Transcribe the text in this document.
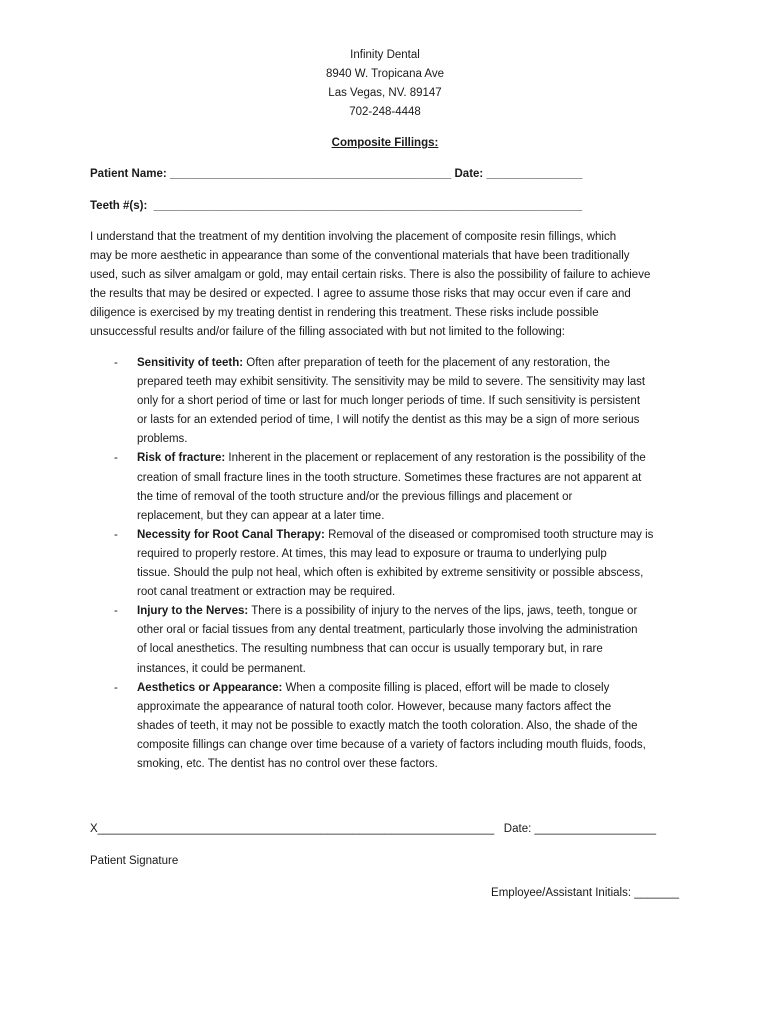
Infinity Dental
8940 W. Tropicana Ave
Las Vegas, NV. 89147
702-248-4448
Composite Fillings:
Patient Name: ____________________________________________ Date: _______________
Teeth #(s):  ___________________________________________________________________
I understand that the treatment of my dentition involving the placement of composite resin fillings, which
may be more aesthetic in appearance than some of the conventional materials that have been traditionally
used, such as silver amalgam or gold, may entail certain risks. There is also the possibility of failure to achieve
the results that may be desired or expected. I agree to assume those risks that may occur even if care and
diligence is exercised by my treating dentist in rendering this treatment. These risks include possible
unsuccessful results and/or failure of the filling associated with but not limited to the following:
- Sensitivity of teeth: Often after preparation of teeth for the placement of any restoration, the
prepared teeth may exhibit sensitivity. The sensitivity may be mild to severe. The sensitivity may last
only for a short period of time or last for much longer periods of time. If such sensitivity is persistent
or lasts for an extended period of time, I will notify the dentist as this may be a sign of more serious
problems.
- Risk of fracture: Inherent in the placement or replacement of any restoration is the possibility of the
creation of small fracture lines in the tooth structure. Sometimes these fractures are not apparent at
the time of removal of the tooth structure and/or the previous fillings and placement or
replacement, but they can appear at a later time.
- Necessity for Root Canal Therapy: Removal of the diseased or compromised tooth structure may is
required to properly restore. At times, this may lead to exposure or trauma to underlying pulp
tissue. Should the pulp not heal, which often is exhibited by extreme sensitivity or possible abscess,
root canal treatment or extraction may be required.
- Injury to the Nerves: There is a possibility of injury to the nerves of the lips, jaws, teeth, tongue or
other oral or facial tissues from any dental treatment, particularly those involving the administration
of local anesthetics. The resulting numbness that can occur is usually temporary but, in rare
instances, it could be permanent.
- Aesthetics or Appearance: When a composite filling is placed, effort will be made to closely
approximate the appearance of natural tooth color. However, because many factors affect the
shades of teeth, it may not be possible to exactly match the tooth coloration. Also, the shade of the
composite fillings can change over time because of a variety of factors including mouth fluids, foods,
smoking, etc. The dentist has no control over these factors.
X______________________________________________________________   Date: ___________________
Patient Signature
Employee/Assistant Initials: _______
